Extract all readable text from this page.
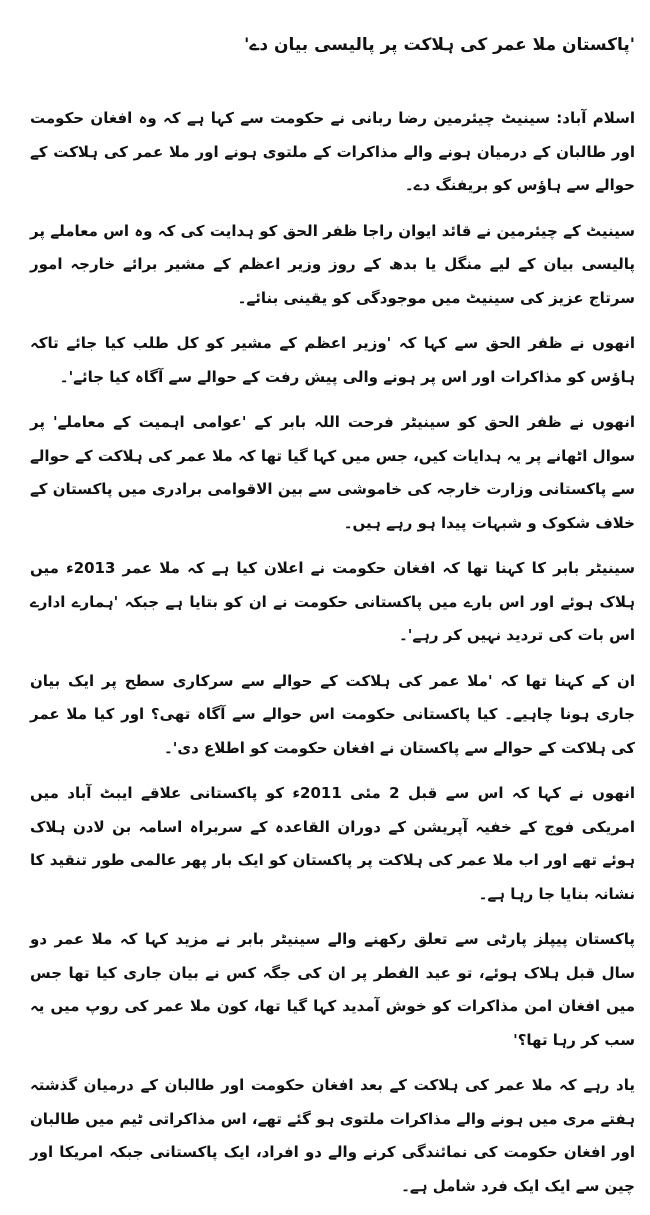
'پاکستان ملا عمر کی ہلاکت پر پالیسی بیان دے'

اسلام آباد: سینیٹ چیئرمین رضا ربانی نے حکومت سے کہا ہے کہ وہ افغان حکومت اور طالبان کے درمیان ہونے والے مذاکرات کے ملتوی ہونے اور ملا عمر کی ہلاکت کے حوالے سے ہاؤس کو بریفنگ دے۔

سینیٹ کے چیئرمین نے قائد ایوان راجا ظفر الحق کو ہدایت کی کہ وہ اس معاملے پر پالیسی بیان کے لیے منگل یا بدھ کے روز وزیر اعظم کے مشیر برائے خارجہ امور سرتاج عزیز کی سینیٹ میں موجودگی کو یقینی بنائے۔

انھوں نے ظفر الحق سے کہا کہ 'وزیر اعظم کے مشیر کو کل طلب کیا جائے تاکہ ہاؤس کو مذاکرات اور اس پر ہونے والی پیش رفت کے حوالے سے آگاہ کیا جائے'۔

انھوں نے ظفر الحق کو سینیٹر فرحت اللہ بابر کے 'عوامی اہمیت کے معاملے' پر سوال اٹھانے پر یہ ہدایات کیں، جس میں کہا گیا تھا کہ ملا عمر کی ہلاکت کے حوالے سے پاکستانی وزارت خارجہ کی خاموشی سے بین الاقوامی برادری میں پاکستان کے خلاف شکوک و شبہات پیدا ہو رہے ہیں۔

سینیٹر بابر کا کہنا تھا کہ افغان حکومت نے اعلان کیا ہے کہ ملا عمر 2013ء میں ہلاک ہوئے اور اس بارے میں پاکستانی حکومت نے ان کو بتایا ہے جبکہ 'ہمارے ادارے اس بات کی تردید نہیں کر رہے'۔

ان کے کہنا تھا کہ 'ملا عمر کی ہلاکت کے حوالے سے سرکاری سطح پر ایک بیان جاری ہونا چاہیے۔ کیا پاکستانی حکومت اس حوالے سے آگاہ تھی؟ اور کیا ملا عمر کی ہلاکت کے حوالے سے پاکستان نے افغان حکومت کو اطلاع دی'۔

انھوں نے کہا کہ اس سے قبل 2 مئی 2011ء کو پاکستانی علاقے ایبٹ آباد میں امریکی فوج کے خفیہ آپریشن کے دوران القاعدہ کے سربراہ اسامہ بن لادن ہلاک ہوئے تھے اور اب ملا عمر کی ہلاکت پر پاکستان کو ایک بار پھر عالمی طور تنقید کا نشانہ بنایا جا رہا ہے۔

پاکستان پیپلز پارٹی سے تعلق رکھنے والے سینیٹر بابر نے مزید کہا کہ ملا عمر دو سال قبل ہلاک ہوئے، تو عید الفطر پر ان کی جگہ کس نے بیان جاری کیا تھا جس میں افغان امن مذاکرات کو خوش آمدید کہا گیا تھا، کون ملا عمر کی روپ میں یہ سب کر رہا تھا؟'

یاد رہے کہ ملا عمر کی ہلاکت کے بعد افغان حکومت اور طالبان کے درمیان گذشتہ ہفتے مری میں ہونے والے مذاکرات ملتوی ہو گئے تھے، اس مذاکراتی ٹیم میں طالبان اور افغان حکومت کی نمائندگی کرنے والے دو افراد، ایک پاکستانی جبکہ امریکا اور چین سے ایک ایک فرد شامل ہے۔
